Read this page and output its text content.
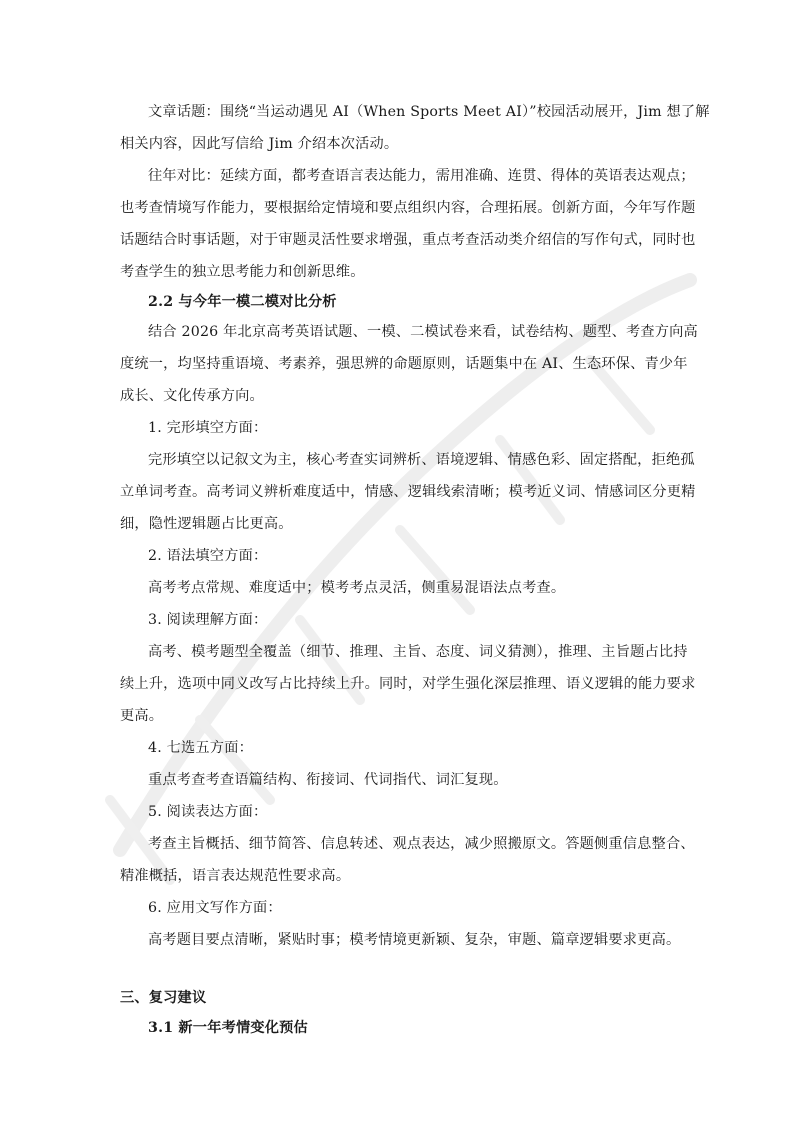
文章话题：围绕“当运动遇见 AI（When Sports Meet AI）”校园活动展开，Jim 想了解
相关内容，因此写信给 Jim 介绍本次活动。
往年对比：延续方面，都考查语言表达能力，需用准确、连贯、得体的英语表达观点；
也考查情境写作能力，要根据给定情境和要点组织内容，合理拓展。创新方面，今年写作题
话题结合时事话题，对于审题灵活性要求增强，重点考查活动类介绍信的写作句式，同时也
考查学生的独立思考能力和创新思维。
2.2 与今年一模二模对比分析
结合 2026 年北京高考英语试题、一模、二模试卷来看，试卷结构、题型、考查方向高
度统一，均坚持重语境、考素养，强思辨的命题原则，话题集中在 AI、生态环保、青少年
成长、文化传承方向。
1. 完形填空方面：
完形填空以记叙文为主，核心考查实词辨析、语境逻辑、情感色彩、固定搭配，拒绝孤
立单词考查。高考词义辨析难度适中，情感、逻辑线索清晰；模考近义词、情感词区分更精
细，隐性逻辑题占比更高。
2. 语法填空方面：
高考考点常规、难度适中；模考考点灵活，侧重易混语法点考查。
3. 阅读理解方面：
高考、模考题型全覆盖（细节、推理、主旨、态度、词义猜测），推理、主旨题占比持
续上升，选项中同义改写占比持续上升。同时，对学生强化深层推理、语义逻辑的能力要求
更高。
4. 七选五方面：
重点考查考查语篇结构、衔接词、代词指代、词汇复现。
5. 阅读表达方面：
考查主旨概括、细节简答、信息转述、观点表达，减少照搬原文。答题侧重信息整合、
精准概括，语言表达规范性要求高。
6. 应用文写作方面：
高考题目要点清晰，紧贴时事；模考情境更新颖、复杂，审题、篇章逻辑要求更高。
三、复习建议
3.1 新一年考情变化预估
